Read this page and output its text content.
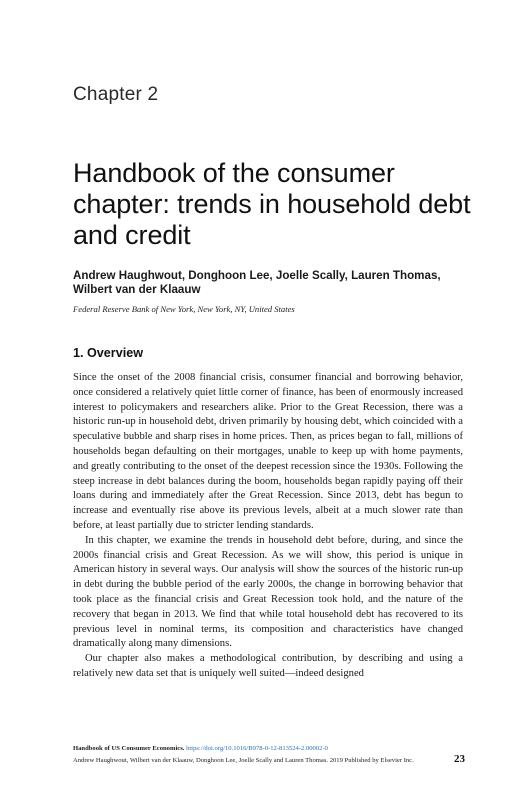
Chapter 2
Handbook of the consumer chapter: trends in household debt and credit
Andrew Haughwout, Donghoon Lee, Joelle Scally, Lauren Thomas, Wilbert van der Klaauw
Federal Reserve Bank of New York, New York, NY, United States
1. Overview

Since the onset of the 2008 financial crisis, consumer financial and borrowing behavior, once considered a relatively quiet little corner of finance, has been of enormously increased interest to policymakers and researchers alike. Prior to the Great Recession, there was a historic run-up in household debt, driven primarily by housing debt, which coincided with a speculative bubble and sharp rises in home prices. Then, as prices began to fall, millions of households began defaulting on their mortgages, unable to keep up with home payments, and greatly contributing to the onset of the deepest recession since the 1930s. Following the steep increase in debt balances during the boom, households began rapidly paying off their loans during and immediately after the Great Recession. Since 2013, debt has begun to increase and eventually rise above its previous levels, albeit at a much slower rate than before, at least partially due to stricter lending standards.

In this chapter, we examine the trends in household debt before, during, and since the 2000s financial crisis and Great Recession. As we will show, this period is unique in American history in several ways. Our analysis will show the sources of the historic run-up in debt during the bubble period of the early 2000s, the change in borrowing behavior that took place as the financial crisis and Great Recession took hold, and the nature of the recovery that began in 2013. We find that while total household debt has recovered to its previous level in nominal terms, its composition and characteristics have changed dramatically along many dimensions.

Our chapter also makes a methodological contribution, by describing and using a relatively new data set that is uniquely well suited—indeed designed

Handbook of US Consumer Economics. https://doi.org/10.1016/B978-0-12-813524-2.00002-0
Andrew Haughwout, Wilbert van der Klaauw, Donghoon Lee, Joelle Scally and Lauren Thomas. 2019 Published by Elsevier Inc.	23
